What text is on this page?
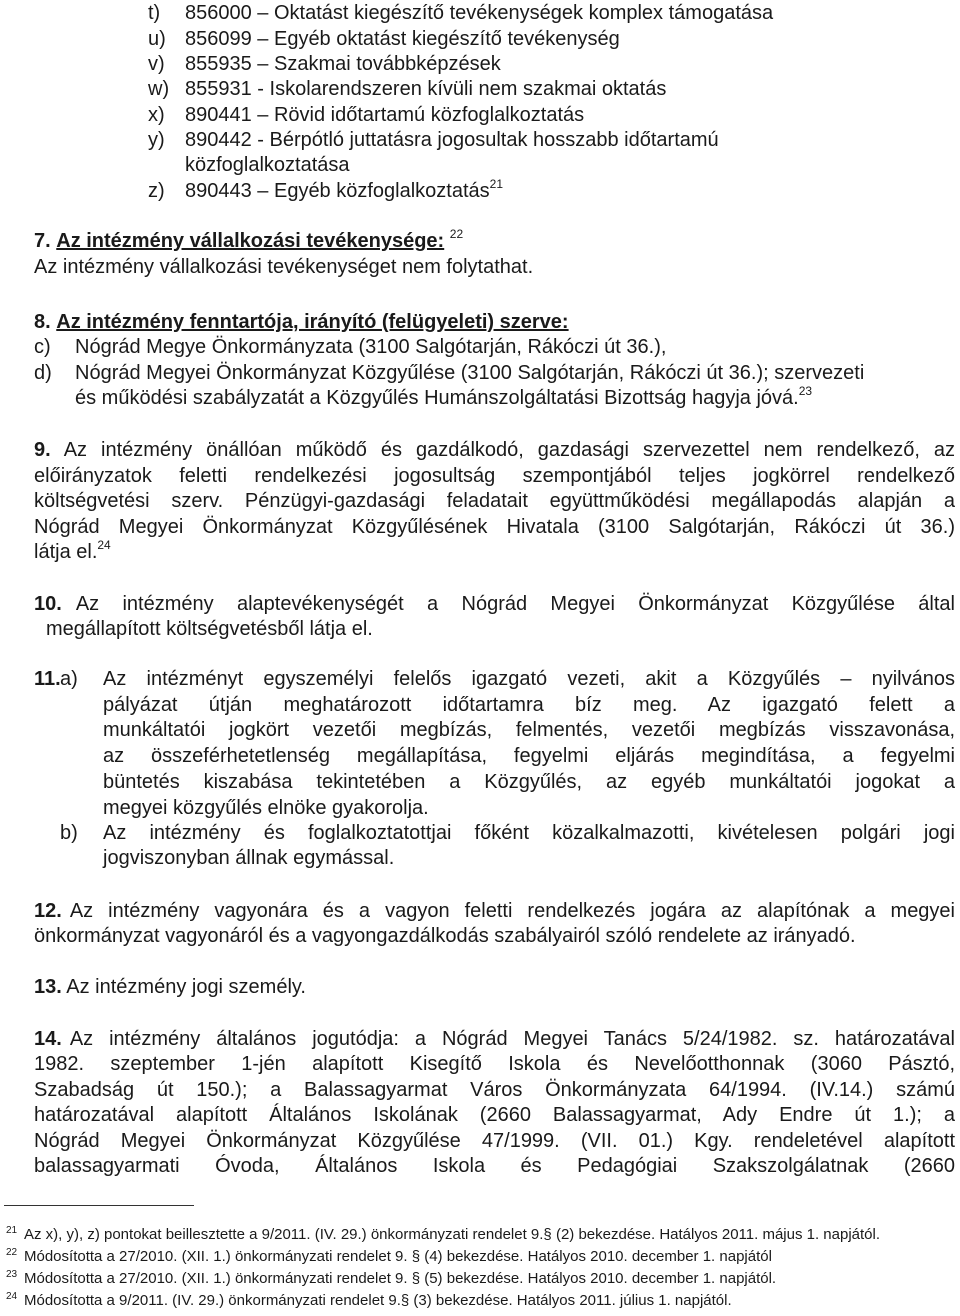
t) 856000 – Oktatást kiegészítő tevékenységek komplex támogatása
u) 856099 – Egyéb oktatást kiegészítő tevékenység
v) 855935 – Szakmai továbbképzések
w) 855931 - Iskolarendszeren kívüli nem szakmai oktatás
x) 890441 – Rövid időtartamú közfoglalkoztatás
y) 890442 - Bérpótló juttatásra jogosultak hosszabb időtartamú
közfoglalkoztatása
z) 890443 – Egyéb közfoglalkoztatás$^{21}$
7. Az intézmény vállalkozási tevékenysége: $^{22}$
Az intézmény vállalkozási tevékenységet nem folytathat.
8. Az intézmény fenntartója, irányító (felügyeleti) szerve:
c) Nógrád Megye Önkormányzata (3100 Salgótarján, Rákóczi út 36.),
d) Nógrád Megyei Önkormányzat Közgyűlése (3100 Salgótarján, Rákóczi út 36.); szervezeti
és működési szabályzatát a Közgyűlés Humánszolgáltatási Bizottság hagyja jóvá.$^{23}$
9. Az intézmény önállóan működő és gazdálkodó, gazdasági szervezettel nem rendelkező, az
előirányzatok feletti rendelkezési jogosultság szempontjából teljes jogkörrel rendelkező
költségvetési szerv. Pénzügyi-gazdasági feladatait együttműködési megállapodás alapján a
Nógrád Megyei Önkormányzat Közgyűlésének Hivatala (3100 Salgótarján, Rákóczi út 36.)
látja el.$^{24}$
10. Az intézmény alaptevékenységét a Nógrád Megyei Önkormányzat Közgyűlése által
megállapított költségvetésből látja el.
11. a) Az intézményt egyszemélyi felelős igazgató vezeti, akit a Közgyűlés – nyilvános
pályázat útján meghatározott időtartamra bíz meg. Az igazgató felett a
munkáltatói jogkört vezetői megbízás, felmentés, vezetői megbízás visszavonása,
az összeférhetetlenség megállapítása, fegyelmi eljárás megindítása, a fegyelmi
büntetés kiszabása tekintetében a Közgyűlés, az egyéb munkáltatói jogokat a
megyei közgyűlés elnöke gyakorolja.
b) Az intézmény és foglalkoztatottjai főként közalkalmazotti, kivételesen polgári jogi
jogviszonyban állnak egymással.
12. Az intézmény vagyonára és a vagyon feletti rendelkezés jogára az alapítónak a megyei
önkormányzat vagyonáról és a vagyongazdálkodás szabályairól szóló rendelete az irányadó.
13. Az intézmény jogi személy.
14. Az intézmény általános jogutódja: a Nógrád Megyei Tanács 5/24/1982. sz. határozatával
1982. szeptember 1-jén alapított Kisegítő Iskola és Nevelőotthonnak (3060 Pásztó,
Szabadság út 150.); a Balassagyarmat Város Önkormányzata 64/1994. (IV.14.) számú
határozatával alapított Általános Iskolának (2660 Balassagyarmat, Ady Endre út 1.); a
Nógrád Megyei Önkormányzat Közgyűlése 47/1999. (VII. 01.) Kgy. rendeletével alapított
balassagyarmati Óvoda, Általános Iskola és Pedagógiai Szakszolgálatnak (2660
$^{21}$ Az x), y), z) pontokat beillesztette a 9/2011. (IV. 29.) önkormányzati rendelet 9.§ (2) bekezdése. Hatályos 2011. május 1. napjától.
$^{22}$ Módosította a 27/2010. (XII. 1.) önkormányzati rendelet 9. § (4) bekezdése. Hatályos 2010. december 1. napjától
$^{23}$ Módosította a 27/2010. (XII. 1.) önkormányzati rendelet 9. § (5) bekezdése. Hatályos 2010. december 1. napjától.
$^{24}$ Módosította a 9/2011. (IV. 29.) önkormányzati rendelet 9.§ (3) bekezdése. Hatályos 2011. július 1. napjától.
